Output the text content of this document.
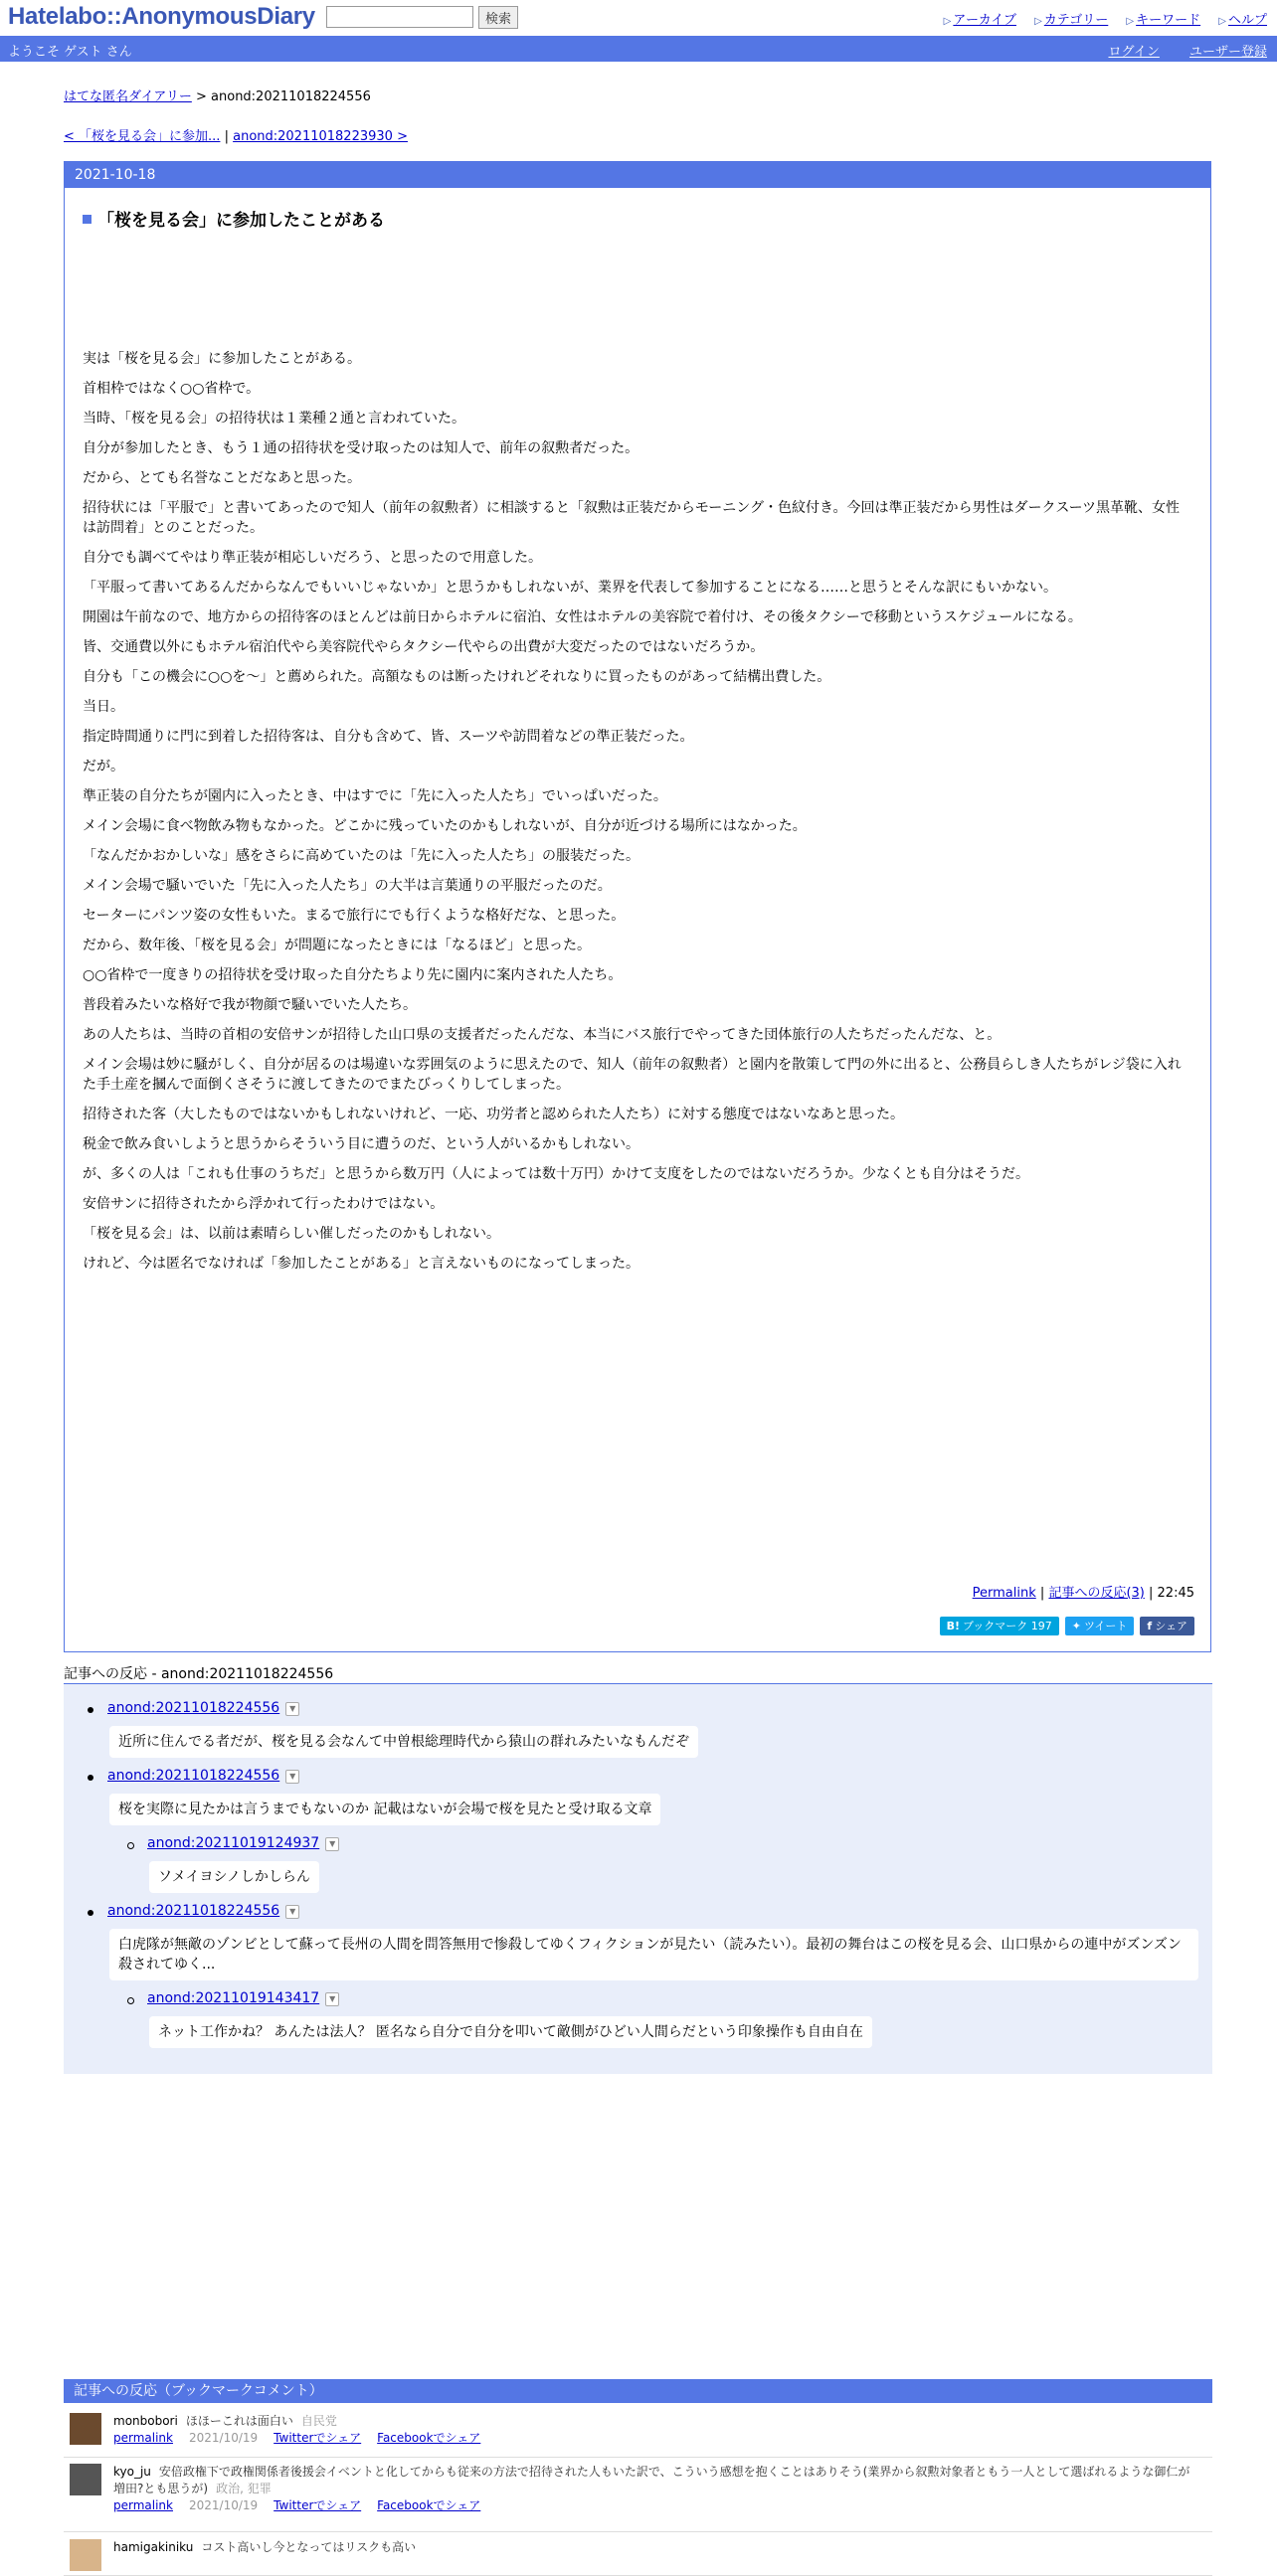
Hatelabo::AnonymousDiary	検索	▷ アーカイブ ▷ カテゴリー ▷ キーワード ▷ ヘルプ
ようこそ ゲスト さん	ログイン ユーザー登録
はてな匿名ダイアリー > anond:20211018224556
< 「桜を見る会」に参加... | anond:20211018223930 >
2021-10-18
「桜を見る会」に参加したことがある

実は「桜を見る会」に参加したことがある。

首相枠ではなく○○省枠で。

当時、「桜を見る会」の招待状は１業種２通と言われていた。

自分が参加したとき、もう１通の招待状を受け取ったのは知人で、前年の叙勲者だった。

だから、とても名誉なことだなあと思った。

招待状には「平服で」と書いてあったので知人（前年の叙勲者）に相談すると「叙勲は正装だからモーニング・色紋付き。今回は準正装だから男性はダークスーツ黒革靴、女性は訪問着」とのことだった。

自分でも調べてやはり準正装が相応しいだろう、と思ったので用意した。

「平服って書いてあるんだからなんでもいいじゃないか」と思うかもしれないが、業界を代表して参加することになる……と思うとそんな訳にもいかない。

開園は午前なので、地方からの招待客のほとんどは前日からホテルに宿泊、女性はホテルの美容院で着付け、その後タクシーで移動というスケジュールになる。

皆、交通費以外にもホテル宿泊代やら美容院代やらタクシー代やらの出費が大変だったのではないだろうか。

自分も「この機会に○○を～」と薦められた。高額なものは断ったけれどそれなりに買ったものがあって結構出費した。

当日。

指定時間通りに門に到着した招待客は、自分も含めて、皆、スーツや訪問着などの準正装だった。

だが。

準正装の自分たちが園内に入ったとき、中はすでに「先に入った人たち」でいっぱいだった。

メイン会場に食べ物飲み物もなかった。どこかに残っていたのかもしれないが、自分が近づける場所にはなかった。

「なんだかおかしいな」感をさらに高めていたのは「先に入った人たち」の服装だった。

メイン会場で騒いでいた「先に入った人たち」の大半は言葉通りの平服だったのだ。

セーターにパンツ姿の女性もいた。まるで旅行にでも行くような格好だな、と思った。

だから、数年後、「桜を見る会」が問題になったときには「なるほど」と思った。

○○省枠で一度きりの招待状を受け取った自分たちより先に園内に案内された人たち。

普段着みたいな格好で我が物顔で騒いでいた人たち。

あの人たちは、当時の首相の安倍サンが招待した山口県の支援者だったんだな、本当にバス旅行でやってきた団体旅行の人たちだったんだな、と。

メイン会場は妙に騒がしく、自分が居るのは場違いな雰囲気のように思えたので、知人（前年の叙勲者）と園内を散策して門の外に出ると、公務員らしき人たちがレジ袋に入れた手土産を摑んで面倒くさそうに渡してきたのでまたびっくりしてしまった。

招待された客（大したものではないかもしれないけれど、一応、功労者と認められた人たち）に対する態度ではないなあと思った。

税金で飲み食いしようと思うからそういう目に遭うのだ、という人がいるかもしれない。

が、多くの人は「これも仕事のうちだ」と思うから数万円（人によっては数十万円）かけて支度をしたのではないだろうか。少なくとも自分はそうだ。

安倍サンに招待されたから浮かれて行ったわけではない。

「桜を見る会」は、以前は素晴らしい催しだったのかもしれない。

けれど、今は匿名でなければ「参加したことがある」と言えないものになってしまった。

Permalink | 記事への反応(3) | 22:45
B! ブックマーク 197 ✦ ツイート f シェア
記事への反応 - anond:20211018224556
anond:20211018224556 ▼
近所に住んでる者だが、桜を見る会なんて中曽根総理時代から猿山の群れみたいなもんだぞ
anond:20211018224556 ▼
桜を実際に見たかは言うまでもないのか 記載はないが会場で桜を見たと受け取る文章
anond:20211019124937 ▼
ソメイヨシノしかしらん
anond:20211018224556 ▼
白虎隊が無敵のゾンビとして蘇って長州の人間を問答無用で惨殺してゆくフィクションが見たい（読みたい）。最初の舞台はこの桜を見る会、山口県からの連中がズンズン殺されてゆく...
anond:20211019143417 ▼
ネット工作かね？ あんたは法人？ 匿名なら自分で自分を叩いて敵側がひどい人間らだという印象操作も自由自在
記事への反応（ブックマークコメント）
monbobori ほほーこれは面白い 自民党
permalink 2021/10/19 Twitterでシェア Facebookでシェア
kyo_ju 安倍政権下で政権関係者後援会イベントと化してからも従来の方法で招待された人もいた訳で、こういう感想を抱くことはありそう(業界から叙勲対象者ともう一人として選ばれるような御仁が増田?とも思うが) 政治, 犯罪
permalink 2021/10/19 Twitterでシェア Facebookでシェア
hamigakiniku コスト高いし今となってはリスクも高い
